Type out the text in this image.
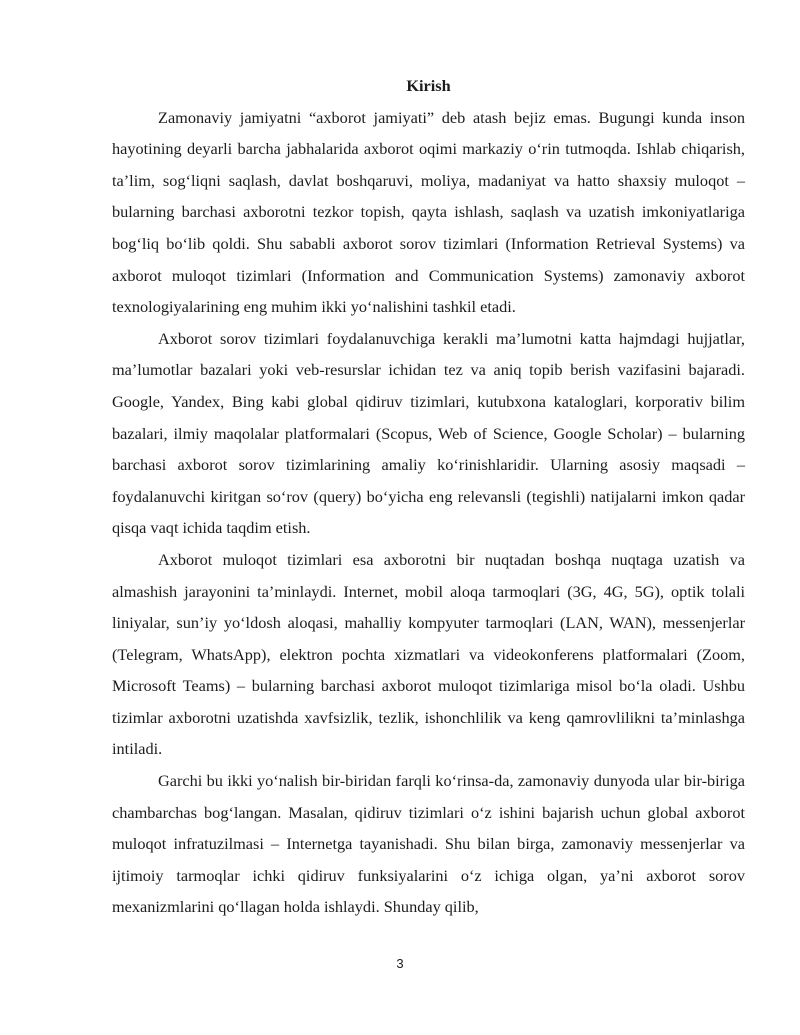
Kirish

Zamonaviy jamiyatni “axborot jamiyati” deb atash bejiz emas. Bugungi kunda inson hayotining deyarli barcha jabhalarida axborot oqimi markaziy o‘rin tutmoqda. Ishlab chiqarish, ta’lim, sog‘liqni saqlash, davlat boshqaruvi, moliya, madaniyat va hatto shaxsiy muloqot – bularning barchasi axborotni tezkor topish, qayta ishlash, saqlash va uzatish imkoniyatlariga bog‘liq bo‘lib qoldi. Shu sababli axborot sorov tizimlari (Information Retrieval Systems) va axborot muloqot tizimlari (Information and Communication Systems) zamonaviy axborot texnologiyalarining eng muhim ikki yo‘nalishini tashkil etadi.

Axborot sorov tizimlari foydalanuvchiga kerakli ma’lumotni katta hajmdagi hujjatlar, ma’lumotlar bazalari yoki veb-resurslar ichidan tez va aniq topib berish vazifasini bajaradi. Google, Yandex, Bing kabi global qidiruv tizimlari, kutubxona kataloglari, korporativ bilim bazalari, ilmiy maqolalar platformalari (Scopus, Web of Science, Google Scholar) – bularning barchasi axborot sorov tizimlarining amaliy ko‘rinishlaridir. Ularning asosiy maqsadi – foydalanuvchi kiritgan so‘rov (query) bo‘yicha eng relevansli (tegishli) natijalarni imkon qadar qisqa vaqt ichida taqdim etish.

Axborot muloqot tizimlari esa axborotni bir nuqtadan boshqa nuqtaga uzatish va almashish jarayonini ta’minlaydi. Internet, mobil aloqa tarmoqlari (3G, 4G, 5G), optik tolali liniyalar, sun’iy yo‘ldosh aloqasi, mahalliy kompyuter tarmoqlari (LAN, WAN), messenjerlar (Telegram, WhatsApp), elektron pochta xizmatlari va videokonferens platformalari (Zoom, Microsoft Teams) – bularning barchasi axborot muloqot tizimlariga misol bo‘la oladi. Ushbu tizimlar axborotni uzatishda xavfsizlik, tezlik, ishonchlilik va keng qamrovlilikni ta’minlashga intiladi.

Garchi bu ikki yo‘nalish bir-biridan farqli ko‘rinsa-da, zamonaviy dunyoda ular bir-biriga chambarchas bog‘langan. Masalan, qidiruv tizimlari o‘z ishini bajarish uchun global axborot muloqot infratuzilmasi – Internetga tayanishadi. Shu bilan birga, zamonaviy messenjerlar va ijtimoiy tarmoqlar ichki qidiruv funksiyalarini o‘z ichiga olgan, ya’ni axborot sorov mexanizmlarini qo‘llagan holda ishlaydi. Shunday qilib,

3
